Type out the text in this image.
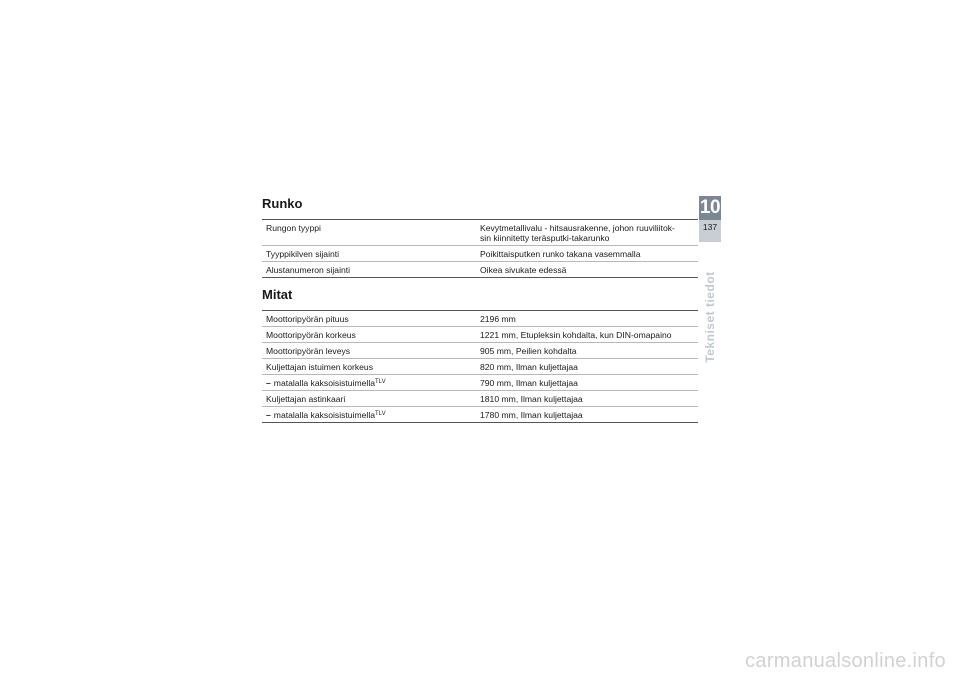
Runko
Rungon tyyppi	Kevytmetallivalu - hitsausrakenne, johon ruuviliitok-
sin kiinnitetty teräsputki-takarunko
Tyyppikilven sijainti	Poikittaisputken runko takana vasemmalla
Alustanumeron sijainti	Oikea sivukate edessä
Mitat
Moottoripyörän pituus	2196 mm
Moottoripyörän korkeus	1221 mm, Etupleksin kohdalta, kun DIN-omapaino
Moottoripyörän leveys	905 mm, Peilien kohdalta
Kuljettajan istuimen korkeus	820 mm, Ilman kuljettajaa
– matalalla kaksoisistuimella$^{TLV}$	790 mm, Ilman kuljettajaa
Kuljettajan astinkaari	1810 mm, Ilman kuljettajaa
– matalalla kaksoisistuimella$^{TLV}$	1780 mm, Ilman kuljettajaa
10
137
Tekniset tiedot
carmanualsonline.info
